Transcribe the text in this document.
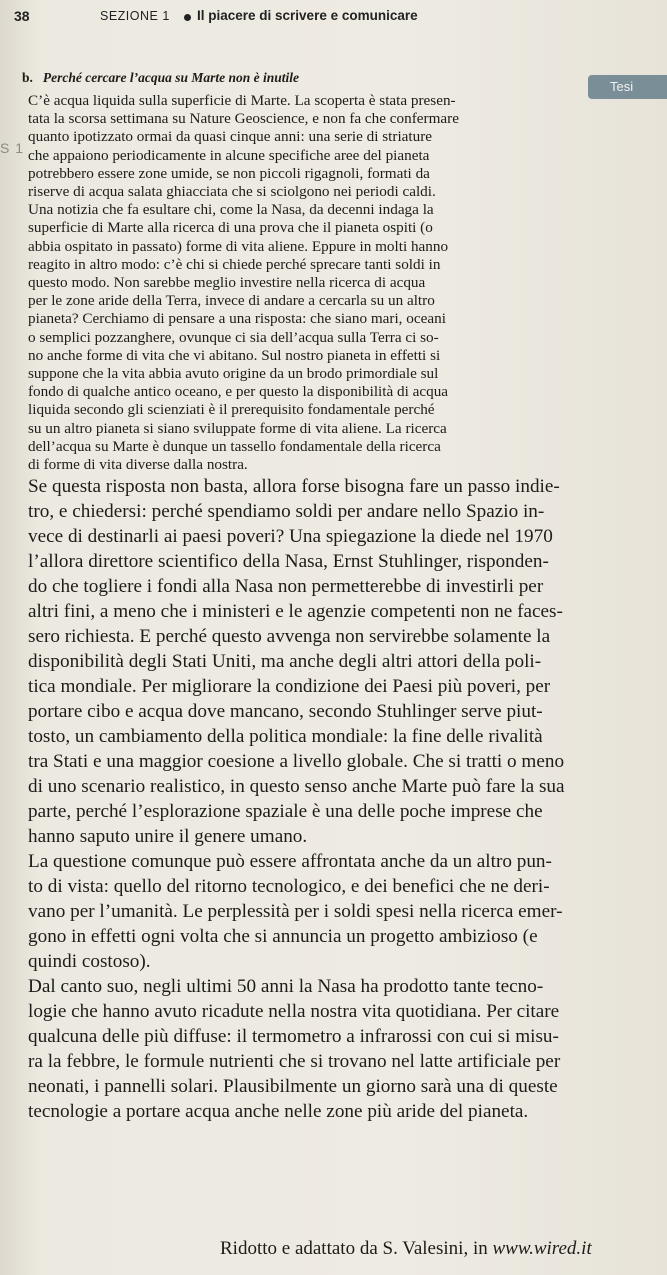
38	SEZIONE 1 Il piacere di scrivere e comunicare
Tesi
S 1
b. Perché cercare l’acqua su Marte non è inutile
C’è acqua liquida sulla superficie di Marte. La scoperta è stata presen-
tata la scorsa settimana su Nature Geoscience, e non fa che confermare
quanto ipotizzato ormai da quasi cinque anni: una serie di striature
che appaiono periodicamente in alcune specifiche aree del pianeta
potrebbero essere zone umide, se non piccoli rigagnoli, formati da
riserve di acqua salata ghiacciata che si sciolgono nei periodi caldi.
Una notizia che fa esultare chi, come la Nasa, da decenni indaga la
superficie di Marte alla ricerca di una prova che il pianeta ospiti (o
abbia ospitato in passato) forme di vita aliene. Eppure in molti hanno
reagito in altro modo: c’è chi si chiede perché sprecare tanti soldi in
questo modo. Non sarebbe meglio investire nella ricerca di acqua
per le zone aride della Terra, invece di andare a cercarla su un altro
pianeta? Cerchiamo di pensare a una risposta: che siano mari, oceani
o semplici pozzanghere, ovunque ci sia dell’acqua sulla Terra ci so-
no anche forme di vita che vi abitano. Sul nostro pianeta in effetti si
suppone che la vita abbia avuto origine da un brodo primordiale sul
fondo di qualche antico oceano, e per questo la disponibilità di acqua
liquida secondo gli scienziati è il prerequisito fondamentale perché
su un altro pianeta si siano sviluppate forme di vita aliene. La ricerca
dell’acqua su Marte è dunque un tassello fondamentale della ricerca
di forme di vita diverse dalla nostra.
Se questa risposta non basta, allora forse bisogna fare un passo indie-
tro, e chiedersi: perché spendiamo soldi per andare nello Spazio in-
vece di destinarli ai paesi poveri? Una spiegazione la diede nel 1970
l’allora direttore scientifico della Nasa, Ernst Stuhlinger, risponden-
do che togliere i fondi alla Nasa non permetterebbe di investirli per
altri fini, a meno che i ministeri e le agenzie competenti non ne faces-
sero richiesta. E perché questo avvenga non servirebbe solamente la
disponibilità degli Stati Uniti, ma anche degli altri attori della poli-
tica mondiale. Per migliorare la condizione dei Paesi più poveri, per
portare cibo e acqua dove mancano, secondo Stuhlinger serve piut-
tosto, un cambiamento della politica mondiale: la fine delle rivalità
tra Stati e una maggior coesione a livello globale. Che si tratti o meno
di uno scenario realistico, in questo senso anche Marte può fare la sua
parte, perché l’esplorazione spaziale è una delle poche imprese che
hanno saputo unire il genere umano.
La questione comunque può essere affrontata anche da un altro pun-
to di vista: quello del ritorno tecnologico, e dei benefici che ne deri-
vano per l’umanità. Le perplessità per i soldi spesi nella ricerca emer-
gono in effetti ogni volta che si annuncia un progetto ambizioso (e
quindi costoso).
Dal canto suo, negli ultimi 50 anni la Nasa ha prodotto tante tecno-
logie che hanno avuto ricadute nella nostra vita quotidiana. Per citare
qualcuna delle più diffuse: il termometro a infrarossi con cui si misu-
ra la febbre, le formule nutrienti che si trovano nel latte artificiale per
neonati, i pannelli solari. Plausibilmente un giorno sarà una di queste
tecnologie a portare acqua anche nelle zone più aride del pianeta.
Ridotto e adattato da S. Valesini, in www.wired.it
